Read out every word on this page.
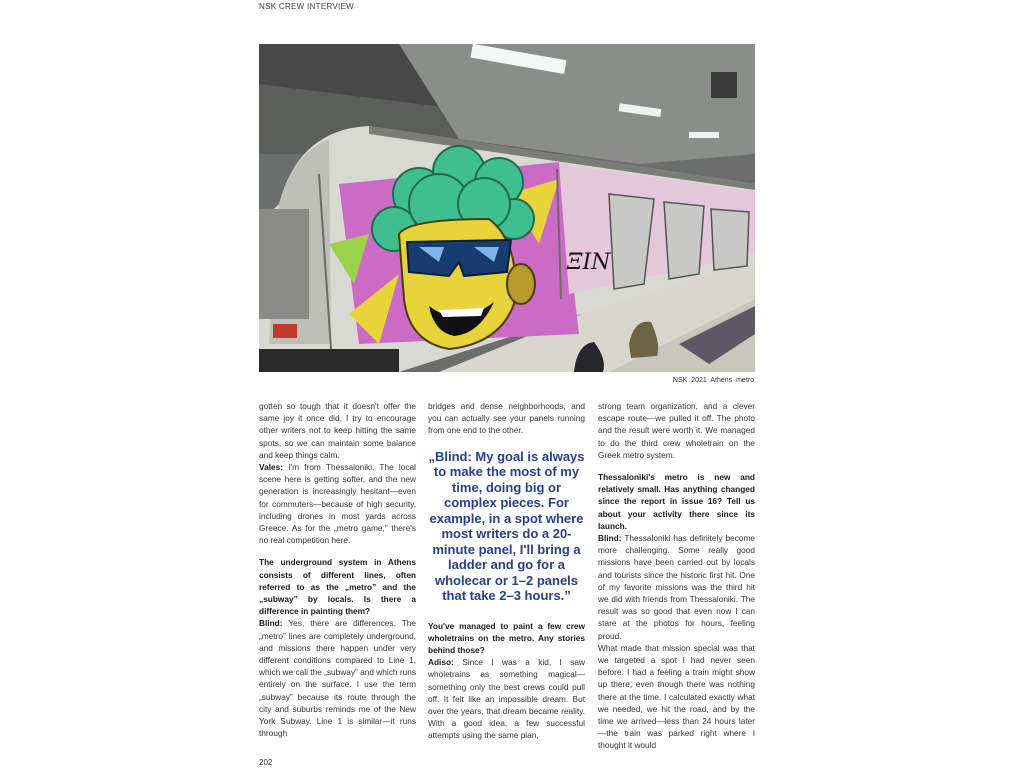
NSK CREW INTERVIEW
ΞΙΝ
NSK 2021 Athens metro

gotten so tough that it doesn't offer the same joy it once did. I try to encourage other writers not to keep hitting the same spots, so we can maintain some balance and keep things calm.

Vales: I'm from Thessaloniki. The local scene here is getting softer, and the new generation is increasingly hesitant—even for commuters—because of high security, including drones in most yards across Greece. As for the „metro game,” there's no real competition here.

The underground system in Athens consists of different lines, often referred to as the „metro” and the „subway” by locals. Is there a difference in painting them?

Blind: Yes, there are differences. The „metro” lines are completely underground, and missions there happen under very different conditions compared to Line 1, which we call the „subway” and which runs entirely on the surface. I use the term „subway” because its route through the city and suburbs reminds me of the New York Subway. Line 1 is similar—it runs through

bridges and dense neighborhoods, and you can actually see your panels running from one end to the other.

„Blind: My goal is always to make the most of my time, doing big or complex pieces. For example, in a spot where most writers do a 20-minute panel, I'll bring a ladder and go for a wholecar or 1–2 panels that take 2–3 hours.”

You've managed to paint a few crew wholetrains on the metro. Any stories behind those?

Adiso: Since I was a kid, I saw wholetrains as something magical—something only the best crews could pull off. It felt like an impossible dream. But over the years, that dream became reality. With a good idea, a few successful attempts using the same plan,

strong team organization, and a clever escape route—we pulled it off. The photo and the result were worth it. We managed to do the third crew wholetrain on the Greek metro system.

Thessaloniki's metro is new and relatively small. Has anything changed since the report in issue 16? Tell us about your activity there since its launch.

Blind: Thessaloniki has definitely become more challenging. Some really good missions have been carried out by locals and tourists since the historic first hit. One of my favorite missions was the third hit we did with friends from Thessaloniki. The result was so good that even now I can stare at the photos for hours, feeling proud.

What made that mission special was that we targeted a spot I had never seen before. I had a feeling a train might show up there, even though there was nothing there at the time. I calculated exactly what we needed, we hit the road, and by the time we arrived—less than 24 hours later—the train was parked right where I thought it would

202
